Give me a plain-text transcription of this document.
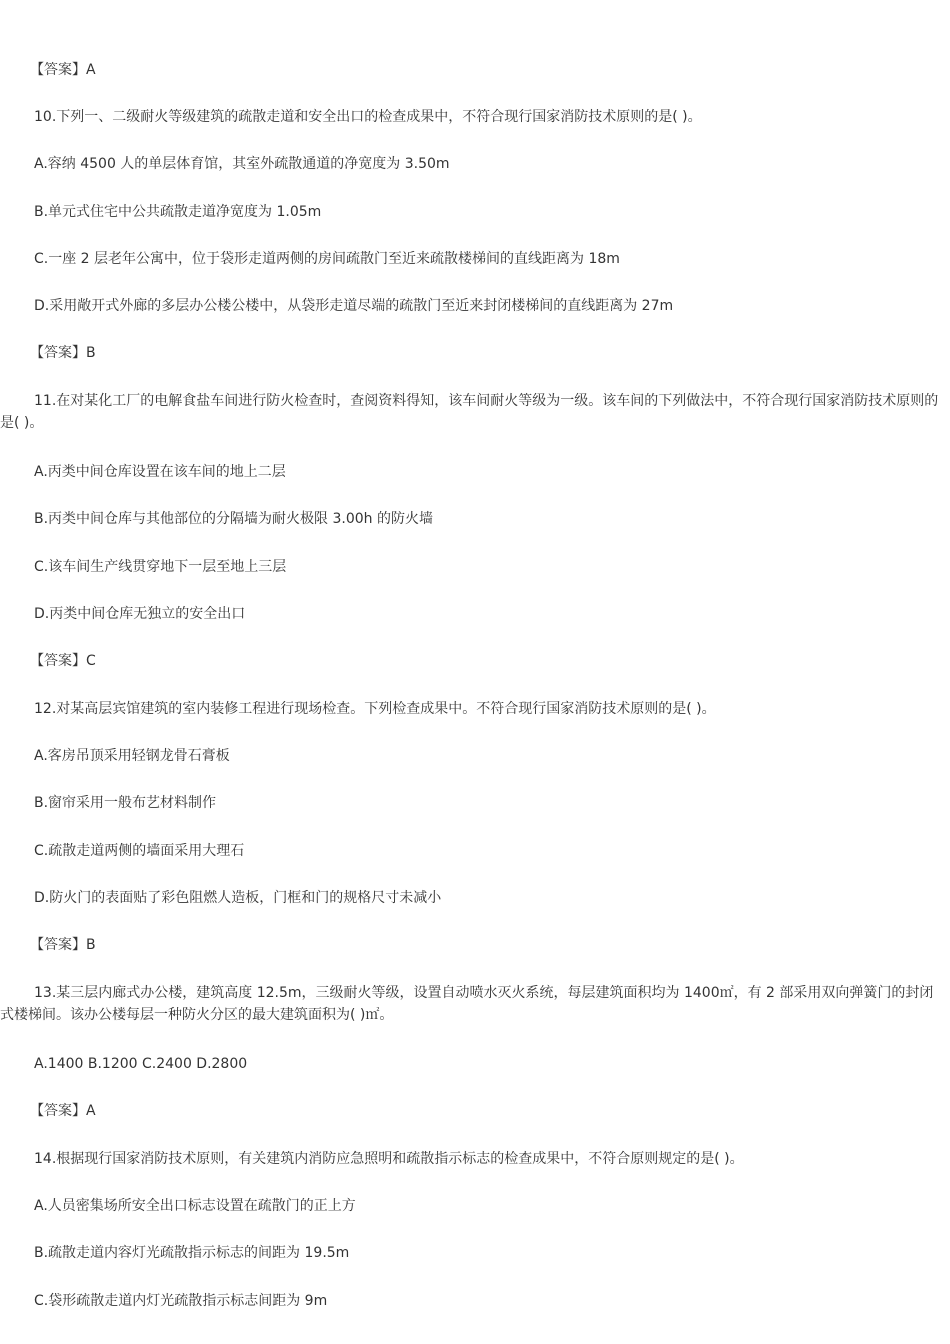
【答案】A
10.下列一、二级耐火等级建筑的疏散走道和安全出口的检查成果中，不符合现行国家消防技术原则的是( )。
A.容纳 4500 人的单层体育馆，其室外疏散通道的净宽度为 3.50m
B.单元式住宅中公共疏散走道净宽度为 1.05m
C.一座 2 层老年公寓中，位于袋形走道两侧的房间疏散门至近来疏散楼梯间的直线距离为 18m
D.采用敞开式外廊的多层办公楼公楼中，从袋形走道尽端的疏散门至近来封闭楼梯间的直线距离为 27m
【答案】B
11.在对某化工厂的电解食盐车间进行防火检查时，查阅资料得知，该车间耐火等级为一级。该车间的下列做法中，不符合现行国家消防技术原则的是( )。
A.丙类中间仓库设置在该车间的地上二层
B.丙类中间仓库与其他部位的分隔墙为耐火极限 3.00h 的防火墙
C.该车间生产线贯穿地下一层至地上三层
D.丙类中间仓库无独立的安全出口
【答案】C
12.对某高层宾馆建筑的室内装修工程进行现场检查。下列检查成果中。不符合现行国家消防技术原则的是( )。
A.客房吊顶采用轻钢龙骨石膏板
B.窗帘采用一般布艺材料制作
C.疏散走道两侧的墙面采用大理石
D.防火门的表面贴了彩色阻燃人造板，门框和门的规格尺寸未减小
【答案】B
13.某三层内廊式办公楼，建筑高度 12.5m，三级耐火等级，设置自动喷水灭火系统，每层建筑面积均为 1400㎡，有 2 部采用双向弹簧门的封闭式楼梯间。该办公楼每层一种防火分区的最大建筑面积为( )㎡。
A.1400 B.1200 C.2400 D.2800
【答案】A
14.根据现行国家消防技术原则，有关建筑内消防应急照明和疏散指示标志的检查成果中，不符合原则规定的是( )。
A.人员密集场所安全出口标志设置在疏散门的正上方
B.疏散走道内容灯光疏散指示标志的间距为 19.5m
C.袋形疏散走道内灯光疏散指示标志间距为 9m
